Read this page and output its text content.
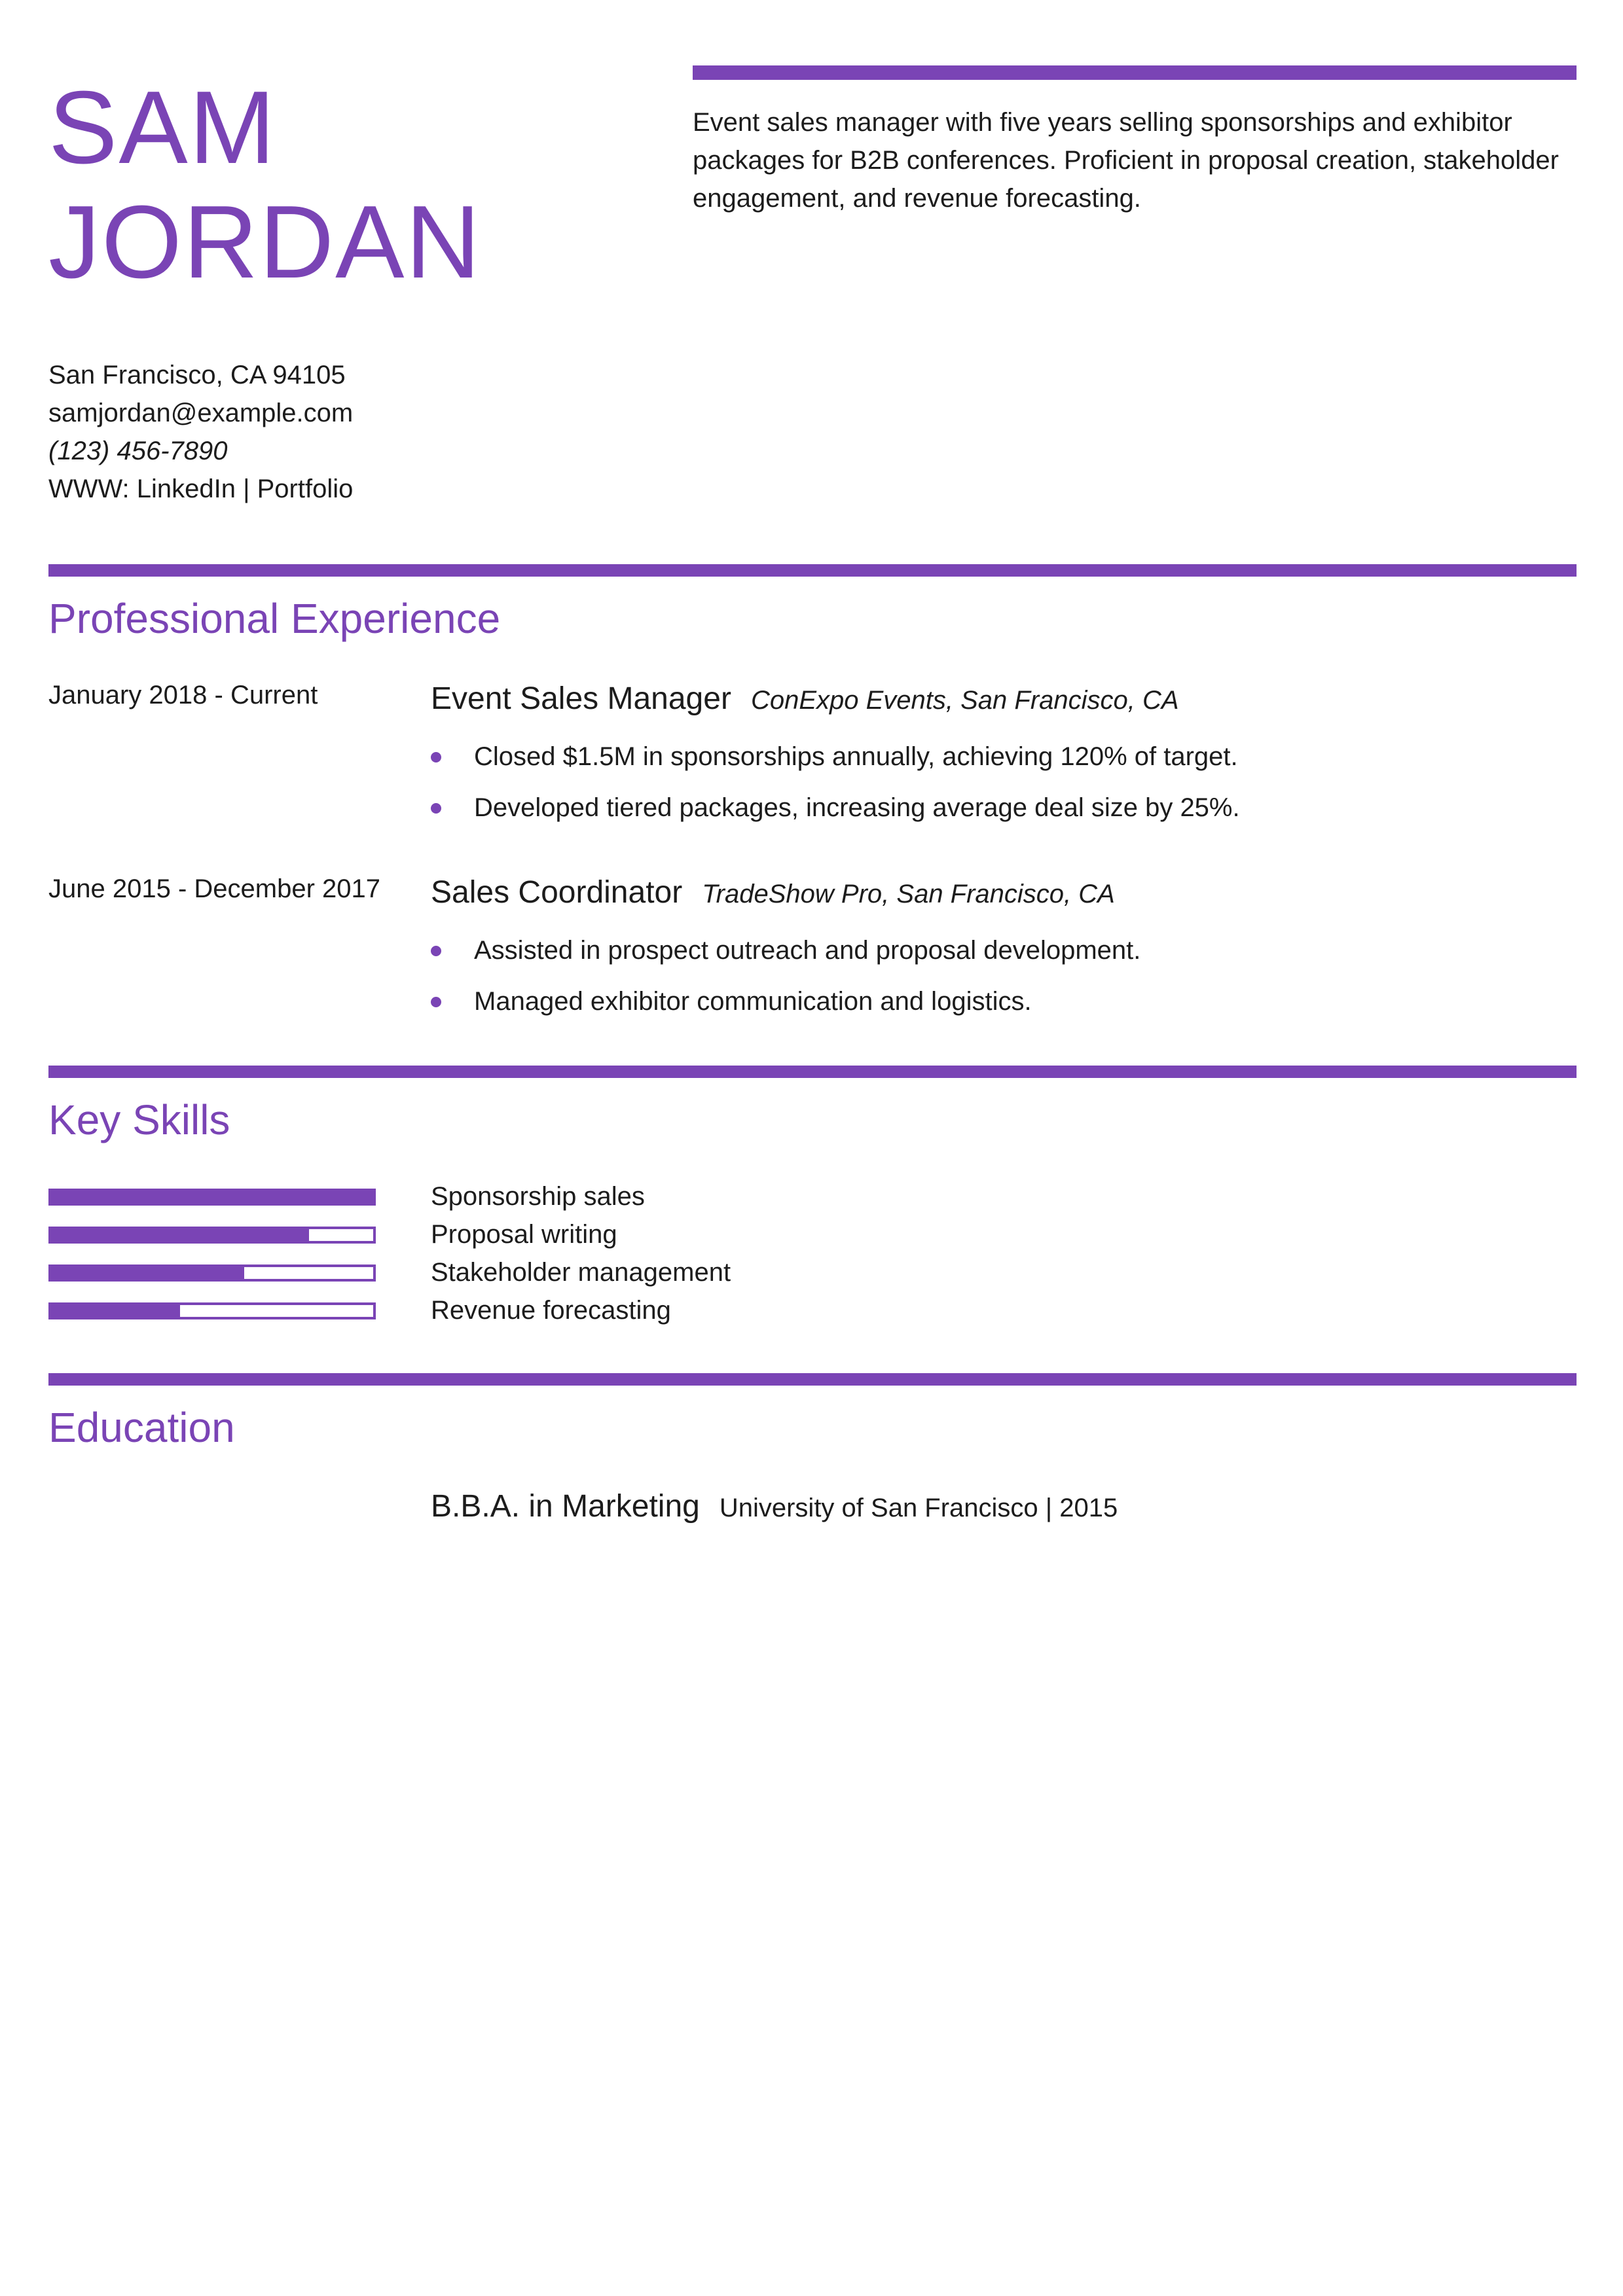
SAM
JORDAN
Event sales manager with five years selling sponsorships and exhibitor packages for B2B conferences. Proficient in proposal creation, stakeholder engagement, and revenue forecasting.
San Francisco, CA 94105
samjordan@example.com
(123) 456-7890
WWW: LinkedIn | Portfolio
Professional Experience
January 2018 - Current	Event Sales Manager ConExpo Events, San Francisco, CA
Closed $1.5M in sponsorships annually, achieving 120% of target.
Developed tiered packages, increasing average deal size by 25%.
June 2015 - December 2017 Sales Coordinator TradeShow Pro, San Francisco, CA
Assisted in prospect outreach and proposal development.
Managed exhibitor communication and logistics.
Key Skills
Sponsorship sales
Proposal writing
Stakeholder management
Revenue forecasting
Education
B.B.A. in Marketing University of San Francisco | 2015
